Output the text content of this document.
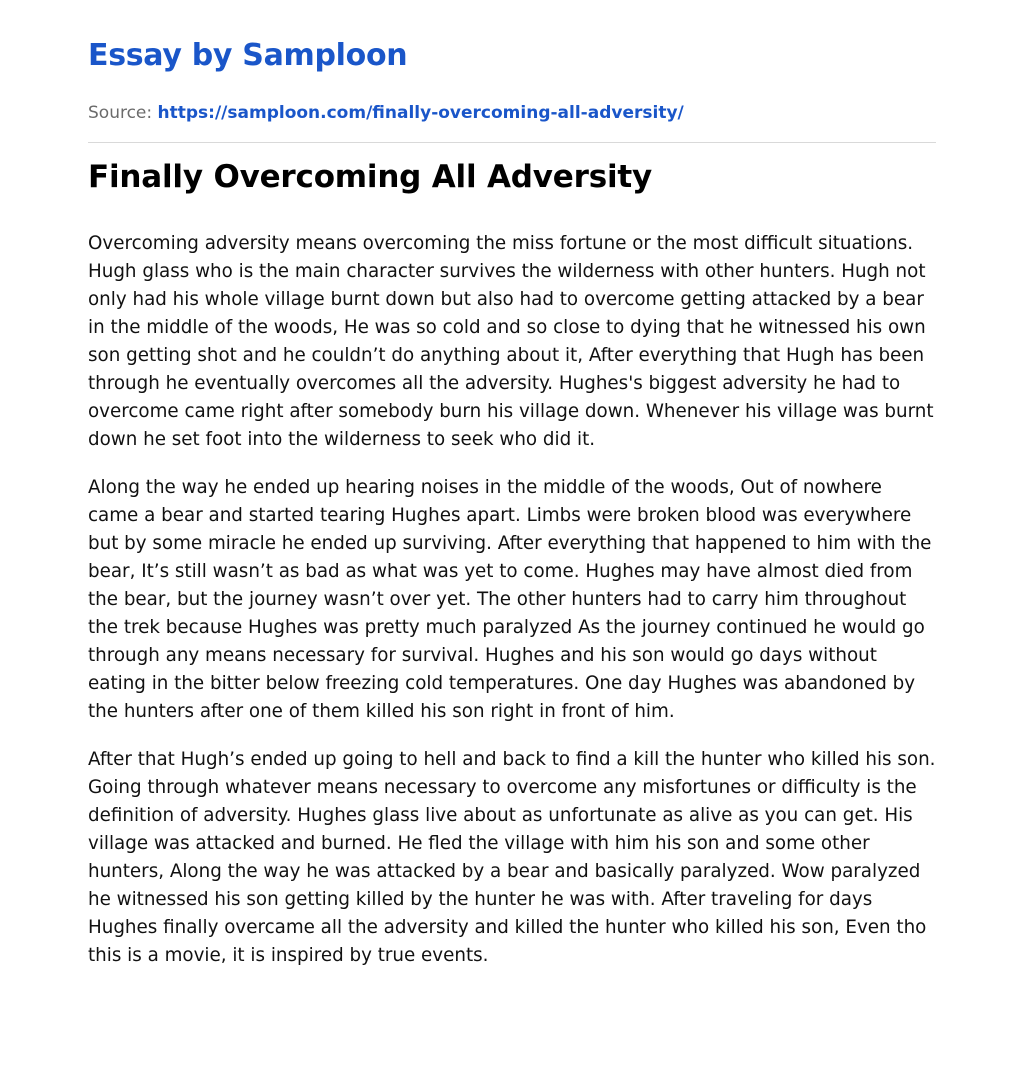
Essay by Samploon
Source: https://samploon.com/finally-overcoming-all-adversity/
Finally Overcoming All Adversity

Overcoming adversity means overcoming the miss fortune or the most difficult situations. Hugh glass who is the main character survives the wilderness with other hunters. Hugh not only had his whole village burnt down but also had to overcome getting attacked by a bear in the middle of the woods, He was so cold and so close to dying that he witnessed his own son getting shot and he couldn’t do anything about it, After everything that Hugh has been through he eventually overcomes all the adversity. Hughes's biggest adversity he had to overcome came right after somebody burn his village down. Whenever his village was burnt down he set foot into the wilderness to seek who did it.

Along the way he ended up hearing noises in the middle of the woods, Out of nowhere came a bear and started tearing Hughes apart. Limbs were broken blood was everywhere but by some miracle he ended up surviving. After everything that happened to him with the bear, It’s still wasn’t as bad as what was yet to come. Hughes may have almost died from the bear, but the journey wasn’t over yet. The other hunters had to carry him throughout the trek because Hughes was pretty much paralyzed As the journey continued he would go through any means necessary for survival. Hughes and his son would go days without eating in the bitter below freezing cold temperatures. One day Hughes was abandoned by the hunters after one of them killed his son right in front of him.

After that Hugh’s ended up going to hell and back to find a kill the hunter who killed his son. Going through whatever means necessary to overcome any misfortunes or difficulty is the definition of adversity. Hughes glass live about as unfortunate as alive as you can get. His village was attacked and burned. He fled the village with him his son and some other hunters, Along the way he was attacked by a bear and basically paralyzed. Wow paralyzed he witnessed his son getting killed by the hunter he was with. After traveling for days Hughes finally overcame all the adversity and killed the hunter who killed his son, Even tho this is a movie, it is inspired by true events.
